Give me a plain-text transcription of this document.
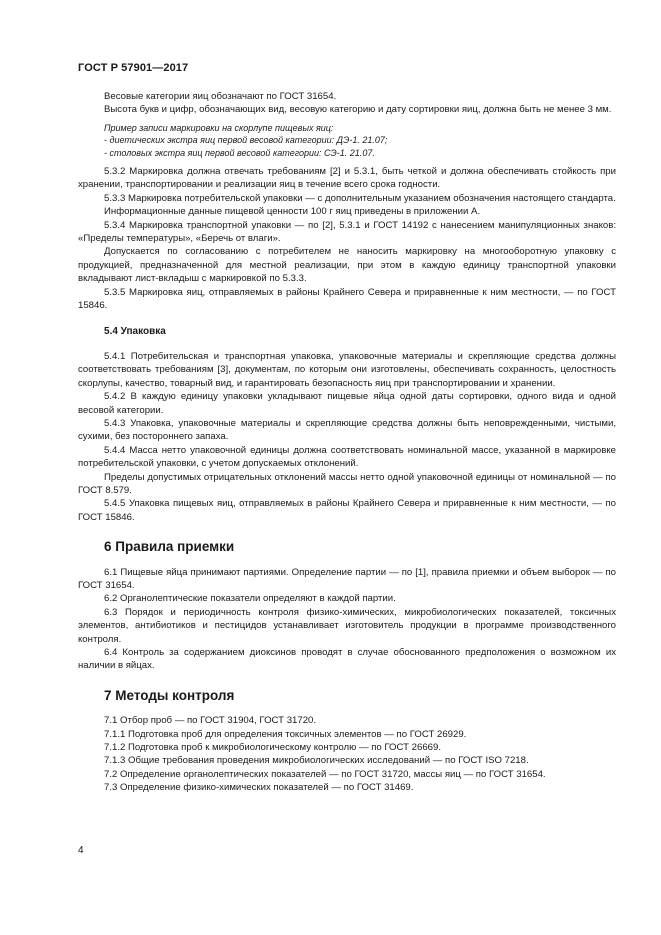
ГОСТ Р 57901—2017

Весовые категории яиц обозначают по ГОСТ 31654.

Высота букв и цифр, обозначающих вид, весовую категорию и дату сортировки яиц, должна быть не менее 3 мм.

Пример записи маркировки на скорлупе пищевых яиц:

- диетических экстра яиц первой весовой категории: ДЭ-1. 21.07;

- столовых экстра яиц первой весовой категории: СЭ-1. 21.07.

5.3.2 Маркировка должна отвечать требованиям [2] и 5.3.1, быть четкой и должна обеспечивать стойкость при хранении, транспортировании и реализации яиц в течение всего срока годности.

5.3.3 Маркировка потребительской упаковки — с дополнительным указанием обозначения настоящего стандарта.

Информационные данные пищевой ценности 100 г яиц приведены в приложении А.

5.3.4 Маркировка транспортной упаковки — по [2], 5.3.1 и ГОСТ 14192 с нанесением манипуляционных знаков: «Пределы температуры», «Беречь от влаги».

Допускается по согласованию с потребителем не наносить маркировку на многооборотную упаковку с продукцией, предназначенной для местной реализации, при этом в каждую единицу транспортной упаковки вкладывают лист-вкладыш с маркировкой по 5.3.3.

5.3.5 Маркировка яиц, отправляемых в районы Крайнего Севера и приравненные к ним местности, — по ГОСТ 15846.

5.4 Упаковка

5.4.1 Потребительская и транспортная упаковка, упаковочные материалы и скрепляющие средства должны соответствовать требованиям [3], документам, по которым они изготовлены, обеспечивать сохранность, целостность скорлупы, качество, товарный вид, и гарантировать безопасность яиц при транспортировании и хранении.

5.4.2 В каждую единицу упаковки укладывают пищевые яйца одной даты сортировки, одного вида и одной весовой категории.

5.4.3 Упаковка, упаковочные материалы и скрепляющие средства должны быть неповрежденными, чистыми, сухими, без постороннего запаха.

5.4.4 Масса нетто упаковочной единицы должна соответствовать номинальной массе, указанной в маркировке потребительской упаковки, с учетом допускаемых отклонений.

Пределы допустимых отрицательных отклонений массы нетто одной упаковочной единицы от номинальной — по ГОСТ 8.579.

5.4.5 Упаковка пищевых яиц, отправляемых в районы Крайнего Севера и приравненные к ним местности, — по ГОСТ 15846.

6 Правила приемки

6.1 Пищевые яйца принимают партиями. Определение партии — по [1], правила приемки и объем выборок — по ГОСТ 31654.

6.2 Органолептические показатели определяют в каждой партии.

6.3 Порядок и периодичность контроля физико-химических, микробиологических показателей, токсичных элементов, антибиотиков и пестицидов устанавливает изготовитель продукции в программе производственного контроля.

6.4 Контроль за содержанием диоксинов проводят в случае обоснованного предположения о возможном их наличии в яйцах.

7 Методы контроля

7.1 Отбор проб — по ГОСТ 31904, ГОСТ 31720.

7.1.1 Подготовка проб для определения токсичных элементов — по ГОСТ 26929.

7.1.2 Подготовка проб к микробиологическому контролю — по ГОСТ 26669.

7.1.3 Общие требования проведения микробиологических исследований — по ГОСТ ISO 7218.

7.2 Определение органолептических показателей — по ГОСТ 31720, массы яиц — по ГОСТ 31654.

7.3 Определение физико-химических показателей — по ГОСТ 31469.

4
